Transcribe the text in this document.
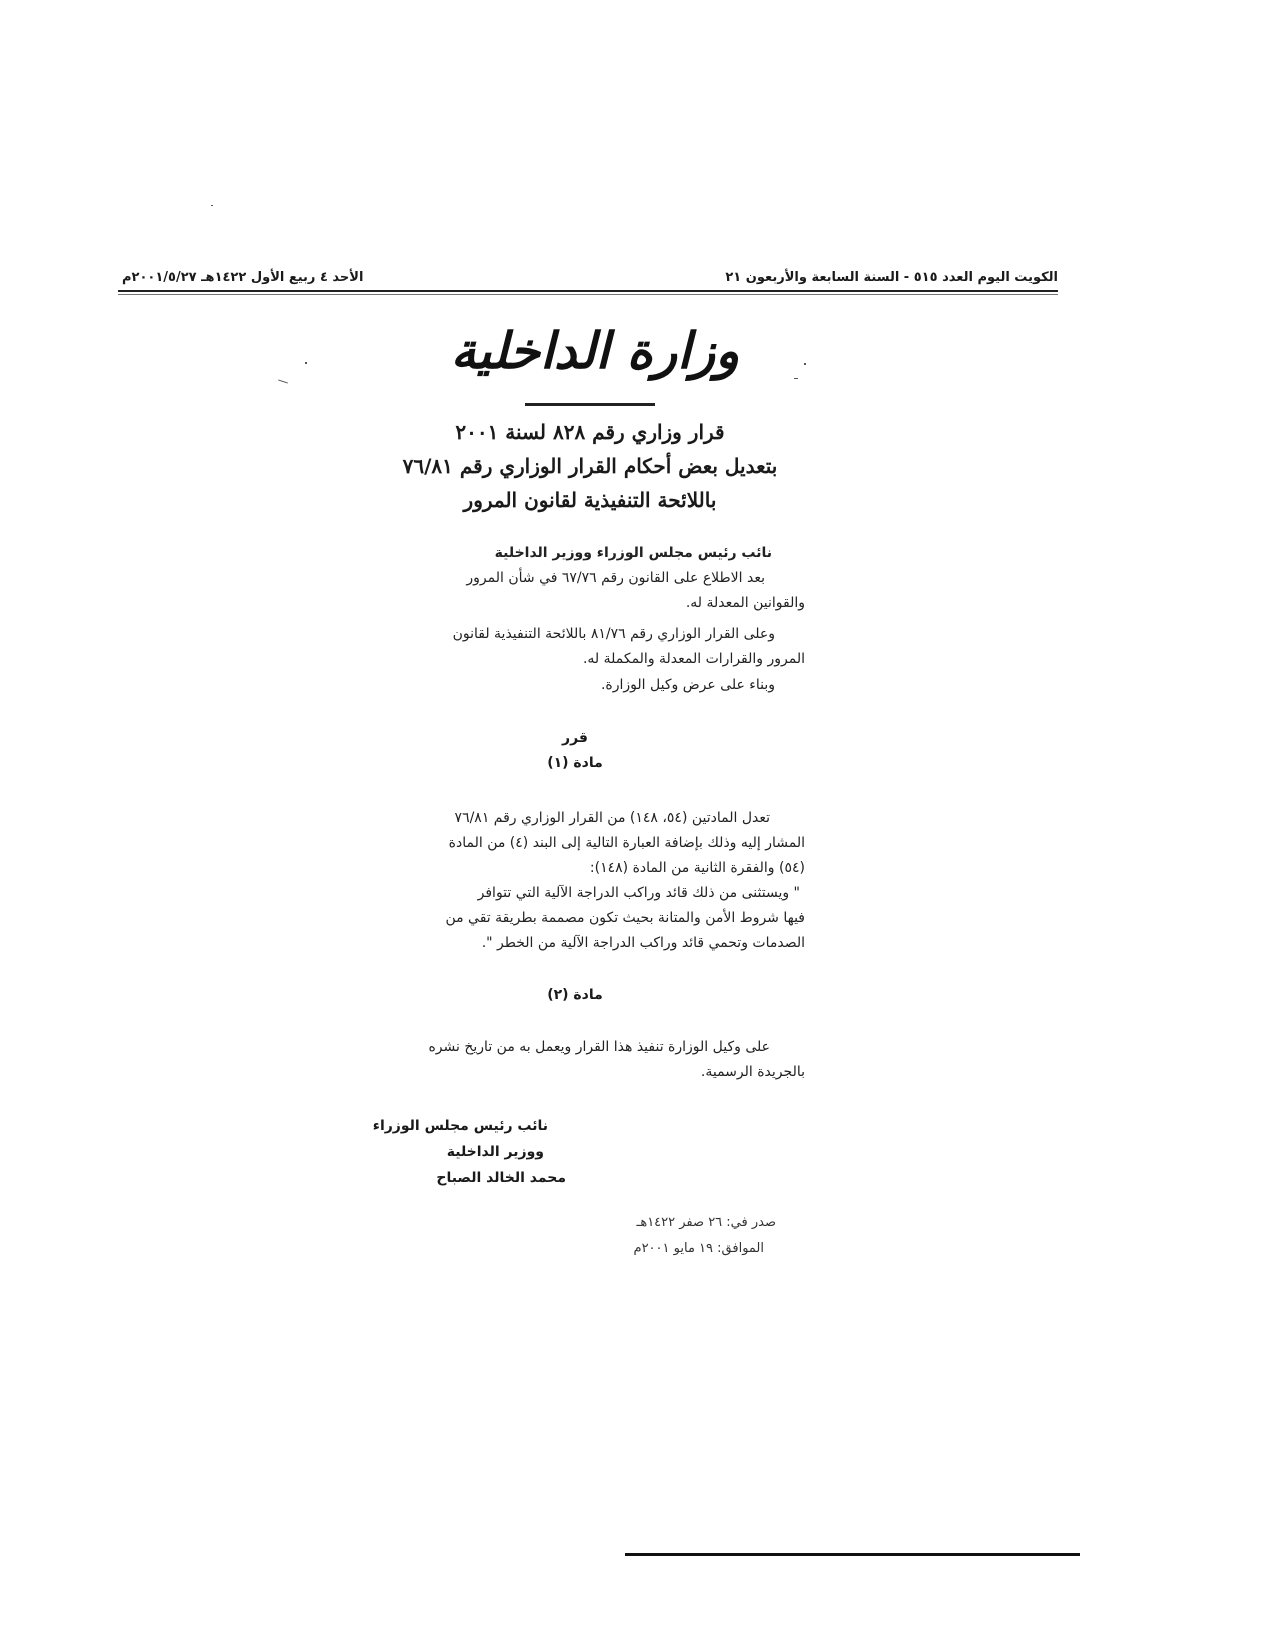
الكويت اليوم العدد ٥١٥ - السنة السابعة والأربعون ٢١
الأحد ٤ ربيع الأول ١٤٢٢هـ ٢٠٠١/٥/٢٧م
وزارة الداخلية
قرار وزاري رقم ٨٢٨ لسنة ٢٠٠١
بتعديل بعض أحكام القرار الوزاري رقم ٧٦/٨١
باللائحة التنفيذية لقانون المرور
نائب رئيس مجلس الوزراء ووزير الداخلية
بعد الاطلاع على القانون رقم ٦٧/٧٦ في شأن المرور
والقوانين المعدلة له.
وعلى القرار الوزاري رقم ٨١/٧٦ باللائحة التنفيذية لقانون
المرور والقرارات المعدلة والمكملة له.
وبناء على عرض وكيل الوزارة.
قرر
مادة (١)
تعدل المادتين (٥٤، ١٤٨) من القرار الوزاري رقم ٧٦/٨١
المشار إليه وذلك بإضافة العبارة التالية إلى البند (٤) من المادة
(٥٤) والفقرة الثانية من المادة (١٤٨):
" ويستثنى من ذلك قائد وراكب الدراجة الآلية التي تتوافر
فيها شروط الأمن والمتانة بحيث تكون مصممة بطريقة تقي من
الصدمات وتحمي قائد وراكب الدراجة الآلية من الخطر ".
مادة (٢)
على وكيل الوزارة تنفيذ هذا القرار ويعمل به من تاريخ نشره
بالجريدة الرسمية.
نائب رئيس مجلس الوزراء
ووزير الداخلية
محمد الخالد الصباح
صدر في: ٢٦ صفر ١٤٢٢هـ
الموافق: ١٩ مايو ٢٠٠١م
